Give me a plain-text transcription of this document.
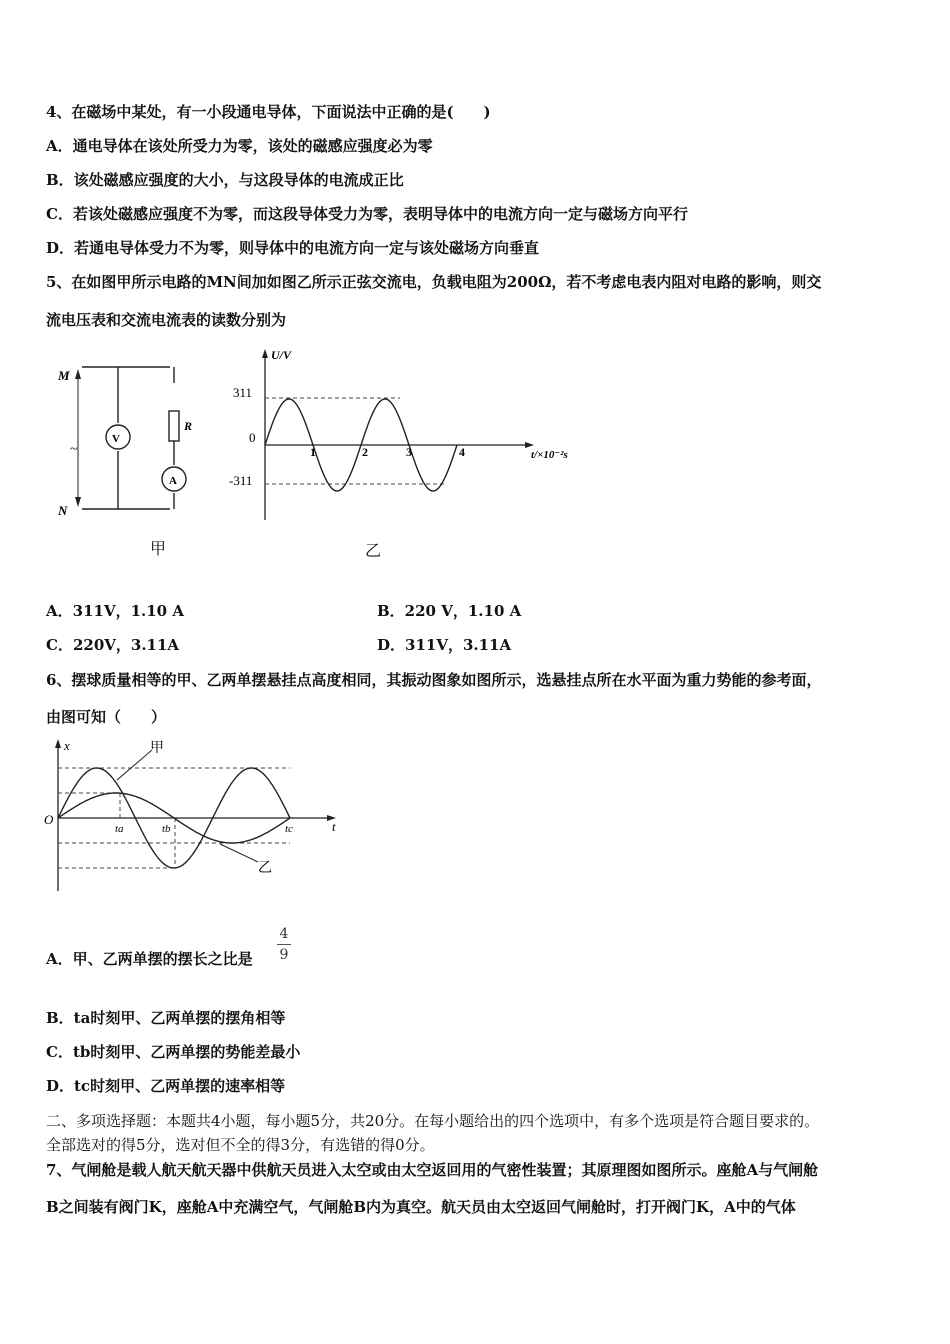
4、在磁场中某处，有一小段通电导体，下面说法中正确的是(　　)
A．通电导体在该处所受力为零，该处的磁感应强度必为零
B．该处磁感应强度的大小，与这段导体的电流成正比
C．若该处磁感应强度不为零，而这段导体受力为零，表明导体中的电流方向一定与磁场方向平行
D．若通电导体受力不为零，则导体中的电流方向一定与该处磁场方向垂直
5、在如图甲所示电路的MN间加如图乙所示正弦交流电，负载电阻为200Ω，若不考虑电表内阻对电路的影响，则交
流电压表和交流电流表的读数分别为
M
N
~
V
A
R
甲
U/V
t/×10⁻²s
311
0
-311
1	2	3	4
乙
A．311V，1.10 A	B．220 V，1.10 A
C．220V，3.11A	D．311V，3.11A
6、摆球质量相等的甲、乙两单摆悬挂点高度相同，其振动图象如图所示，选悬挂点所在水平面为重力势能的参考面，
由图可知（　　）
x
t
O
甲
乙
ta	tb	tc
A．甲、乙两单摆的摆长之比是
4
9
B．ta时刻甲、乙两单摆的摆角相等
C．tb时刻甲、乙两单摆的势能差最小
D．tc时刻甲、乙两单摆的速率相等
二、多项选择题：本题共4小题，每小题5分，共20分。在每小题给出的四个选项中，有多个选项是符合题目要求的。
全部选对的得5分，选对但不全的得3分，有选错的得0分。
7、气闸舱是载人航天航天器中供航天员进入太空或由太空返回用的气密性装置；其原理图如图所示。座舱A与气闸舱
B之间装有阀门K，座舱A中充满空气，气闸舱B内为真空。航天员由太空返回气闸舱时，打开阀门K，A中的气体
